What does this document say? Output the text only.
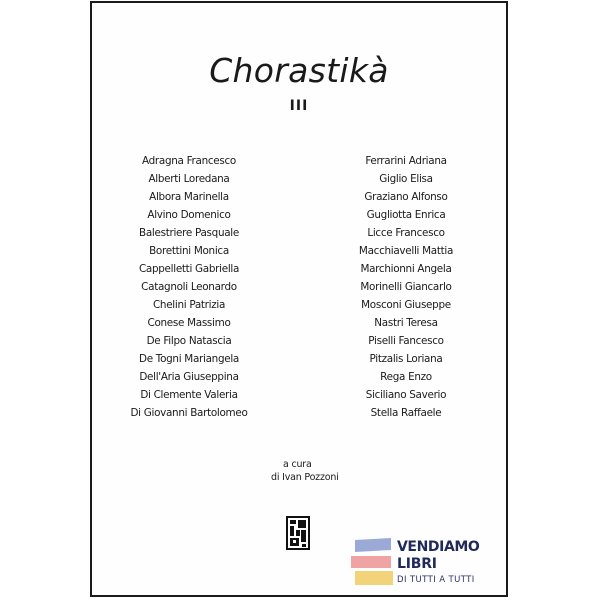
Chorastikà
III
Adragna Francesco
Alberti Loredana
Albora Marinella
Alvino Domenico
Balestriere Pasquale
Borettini Monica
Cappelletti Gabriella
Catagnoli Leonardo
Chelini Patrizia
Conese Massimo
De Filpo Natascia
De Togni Mariangela
Dell'Aria Giuseppina
Di Clemente Valeria
Di Giovanni Bartolomeo
Ferrarini Adriana
Giglio Elisa
Graziano Alfonso
Gugliotta Enrica
Licce Francesco
Macchiavelli Mattia
Marchionni Angela
Morinelli Giancarlo
Mosconi Giuseppe
Nastri Teresa
Piselli Fancesco
Pitzalis Loriana
Rega Enzo
Siciliano Saverio
Stella Raffaele
a cura
di Ivan Pozzoni
VENDIAMO
LIBRI
DI TUTTI A TUTTI
